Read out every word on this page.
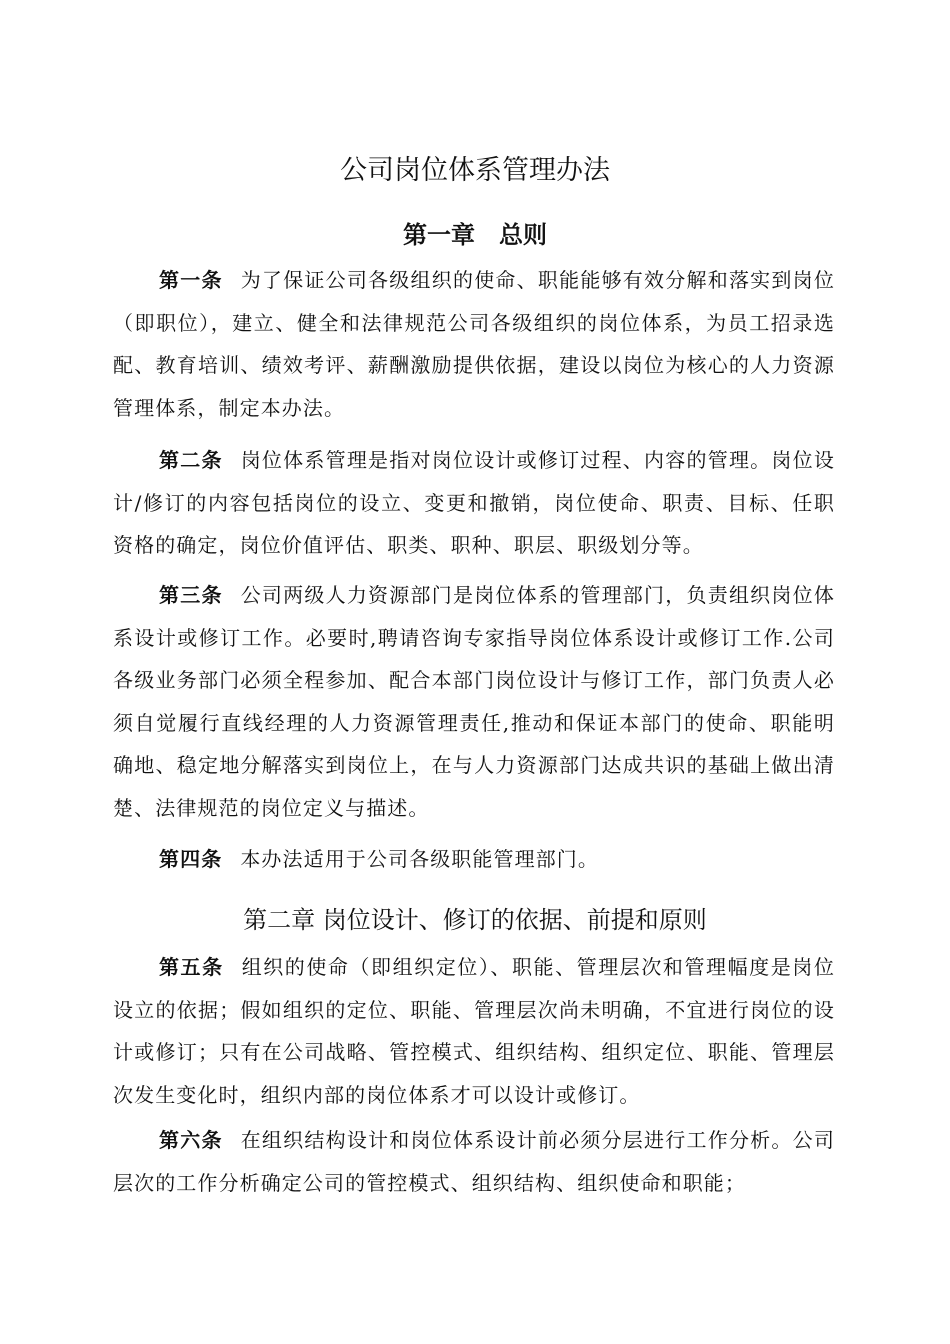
公司岗位体系管理办法
第一章　总则

第一条 为了保证公司各级组织的使命、职能能够有效分解和落实到岗位（即职位），建立、健全和法律规范公司各级组织的岗位体系，为员工招录选配、教育培训、绩效考评、薪酬激励提供依据，建设以岗位为核心的人力资源管理体系，制定本办法。

第二条 岗位体系管理是指对岗位设计或修订过程、内容的管理。岗位设计/修订的内容包括岗位的设立、变更和撤销，岗位使命、职责、目标、任职资格的确定，岗位价值评估、职类、职种、职层、职级划分等。

第三条 公司两级人力资源部门是岗位体系的管理部门，负责组织岗位体系设计或修订工作。必要时,聘请咨询专家指导岗位体系设计或修订工作.公司各级业务部门必须全程参加、配合本部门岗位设计与修订工作，部门负责人必须自觉履行直线经理的人力资源管理责任,推动和保证本部门的使命、职能明确地、稳定地分解落实到岗位上，在与人力资源部门达成共识的基础上做出清楚、法律规范的岗位定义与描述。

第四条 本办法适用于公司各级职能管理部门。

第二章 岗位设计、修订的依据、前提和原则

第五条 组织的使命（即组织定位）、职能、管理层次和管理幅度是岗位设立的依据；假如组织的定位、职能、管理层次尚未明确，不宜进行岗位的设计或修订；只有在公司战略、管控模式、组织结构、组织定位、职能、管理层次发生变化时，组织内部的岗位体系才可以设计或修订。

第六条 在组织结构设计和岗位体系设计前必须分层进行工作分析。公司层次的工作分析确定公司的管控模式、组织结构、组织使命和职能；
